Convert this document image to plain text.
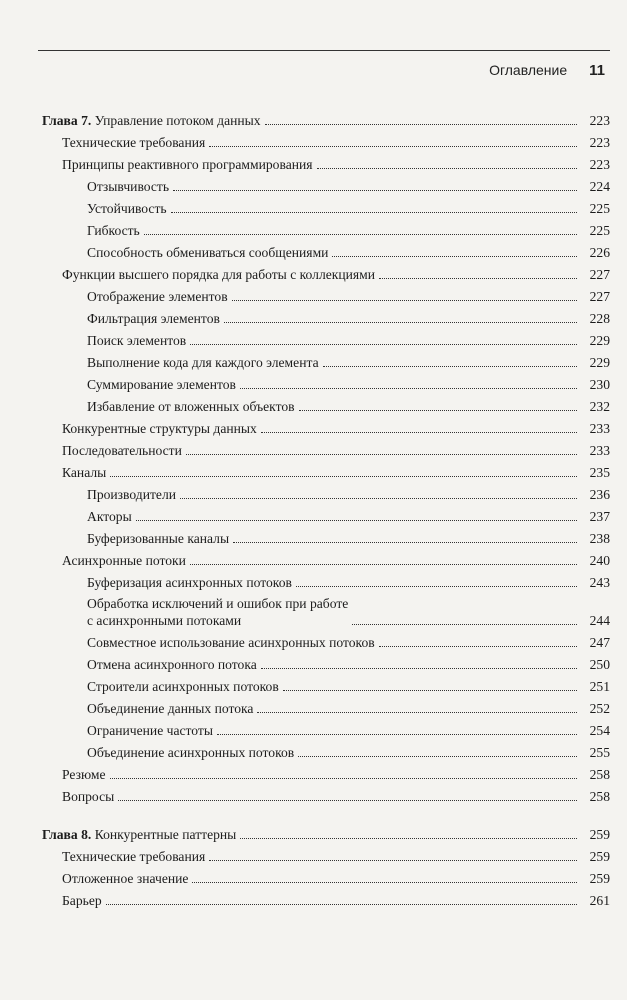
Оглавление 11
Глава 7. Управление потоком данных	223
Технические требования	223
Принципы реактивного программирования	223
Отзывчивость	224
Устойчивость	225
Гибкость	225
Способность обмениваться сообщениями	226
Функции высшего порядка для работы с коллекциями	227
Отображение элементов	227
Фильтрация элементов	228
Поиск элементов	229
Выполнение кода для каждого элемента	229
Суммирование элементов	230
Избавление от вложенных объектов	232
Конкурентные структуры данных	233
Последовательности	233
Каналы	235
Производители	236
Акторы	237
Буферизованные каналы	238
Асинхронные потоки	240
Буферизация асинхронных потоков	243
Обработка исключений и ошибок при работе
с асинхронными потоками	244
Совместное использование асинхронных потоков	247
Отмена асинхронного потока	250
Строители асинхронных потоков	251
Объединение данных потока	252
Ограничение частоты	254
Объединение асинхронных потоков	255
Резюме	258
Вопросы	258
Глава 8. Конкурентные паттерны	259
Технические требования	259
Отложенное значение	259
Барьер	261
